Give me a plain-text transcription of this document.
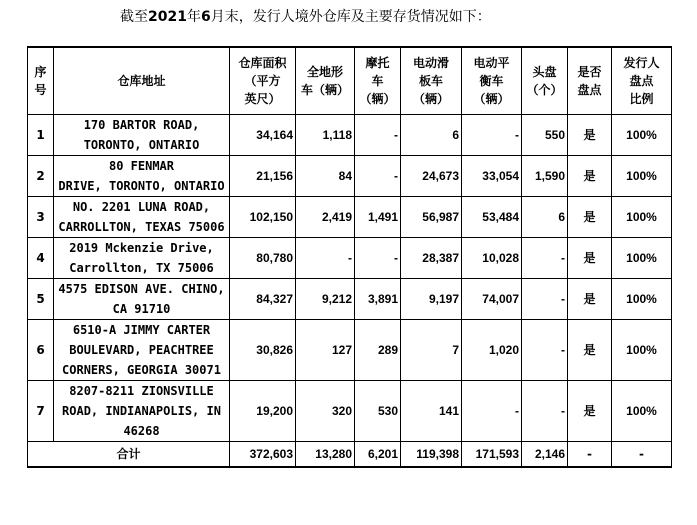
截至2021年6月末，发行人境外仓库及主要存货情况如下：
序
号	仓库地址	仓库面积
（平方
英尺）	全地形
车（辆）	摩托
车
（辆）	电动滑
板车
（辆）	电动平
衡车
（辆）	头盘
（个）	是否
盘点	发行人
盘点
比例

1	170 BARTOR ROAD,
TORONTO, ONTARIO	34,164	1,118	-	6	-	550	是	100%
2	80 FENMAR
DRIVE, TORONTO, ONTARIO	21,156	84	-	24,673	33,054	1,590	是	100%
3	NO. 2201 LUNA ROAD,
CARROLLTON, TEXAS 75006	102,150	2,419	1,491	56,987	53,484	6	是	100%
4	2019 Mckenzie Drive,
Carrollton, TX 75006	80,780	-	-	28,387	10,028	-	是	100%
5	4575 EDISON AVE. CHINO,
CA 91710	84,327	9,212	3,891	9,197	74,007	-	是	100%
6	6510-A JIMMY CARTER
BOULEVARD, PEACHTREE
CORNERS, GEORGIA 30071	30,826	127	289	7	1,020	-	是	100%
7	8207-8211 ZIONSVILLE
ROAD, INDIANAPOLIS, IN
46268	19,200	320	530	141	-	-	是	100%
合计		372,603	13,280	6,201	119,398	171,593	2,146	-	-
